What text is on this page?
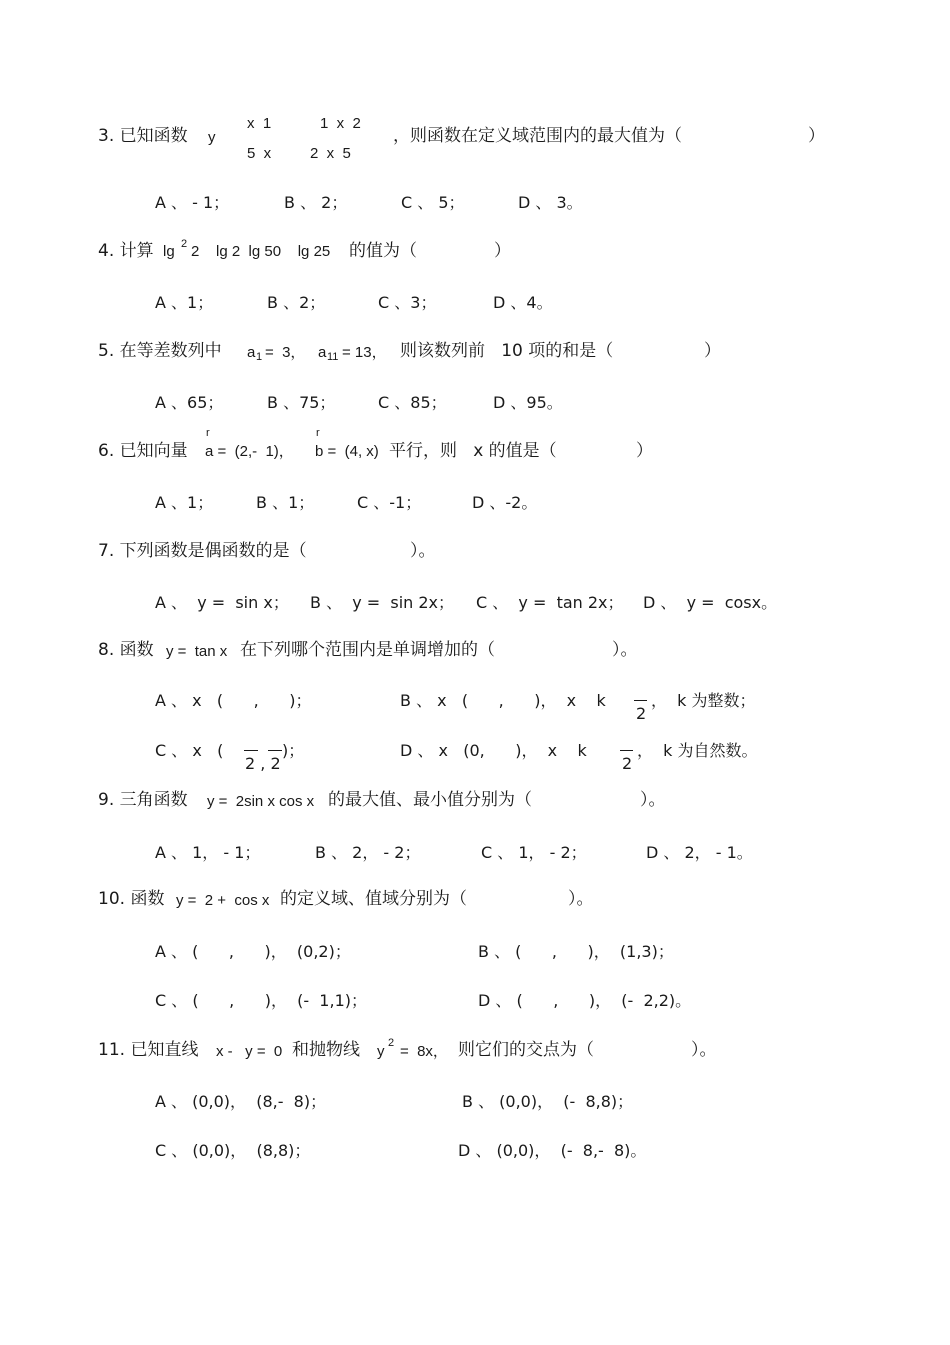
3. 已知函数 y
x  1
5  x
1  x  2
2  x  5
，则函数在定义域范围内的最大值为（	）
A 、 - 1；	B 、 2；	C 、 5；	D 、 3。
4. 计算 lg 2 2    lg 2  lg 50    lg 25 的值为（	）
A 、1；	B 、2；	C 、3；	D 、4。
5. 在等差数列中 a 1 =  3， a 11 = 13， 则该数列前   10 项的和是（	）
A 、65；	B 、75；	C 、85；	D 、95。
6. 已知向量
r
a =  (2,-  1)，
r
b =  (4, x) 平行，则   x 的值是（	）
A 、1；	B 、1；	C 、-1；	D 、-2。
7. 下列函数是偶函数的是（	）。
A 、  y =  sin x； B 、  y =  sin 2x； C 、  y =  tan 2x； D 、  y =  cosx。
8. 函数 y =  tan x 在下列哪个范围内是单调增加的（	）。
A 、 x   (      ,      )；	B 、 x   (      ,      )，  x    k
2
，  k 为整数；
C 、 x   (
2 , 2
)；	D 、 x   (0,      )，  x    k
2
，  k 为自然数。
9. 三角函数 y =  2sin x cos x 的最大值、最小值分别为（	）。
A 、 1， - 1；	B 、 2， - 2；	C 、 1， - 2；	D 、 2， - 1。
10. 函数 y =  2 +  cos x 的定义域、值域分别为（	）。
A 、 (      ,      )，  (0,2)；	B 、 (      ,      )，  (1,3)；
C 、 (      ,      )，  (-  1,1)；	D 、 (      ,      )，  (-  2,2)。
11. 已知直线 x -   y =  0 和抛物线 y 2 =  8x， 则它们的交点为（	）。
A 、 (0,0)，  (8,-  8)；	B 、 (0,0)，  (-  8,8)；
C 、 (0,0)，  (8,8)；	D 、 (0,0)，  (-  8,-  8)。
